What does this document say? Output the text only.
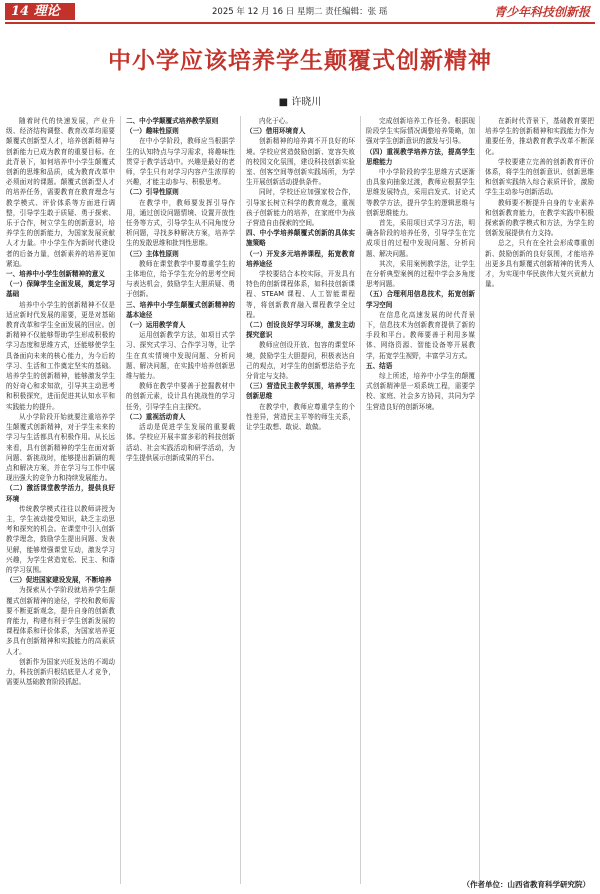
14 理论	2025 年 12 月 16 日 星期二 责任编辑：张 瑶	青少年科技创新报
中小学应该培养学生颠覆式创新精神
■ 许晓川

随着时代的快速发展，产业升级、经济结构调整、教育改革均需要颠覆式创新型人才，培养创新精神与创新能力已成为教育的重要目标。在此背景下，如何培养中小学生颠覆式创新的思维和品质，成为教育改革中必须面对的课题。颠覆式创新型人才的培养任务，需要教育在教育理念与教学模式、评价体系等方面进行调整，引导学生敢于质疑、勇于探索、乐于合作，树立学生的创新意识，培养学生的创新能力，为国家发展贡献人才力量。中小学生作为新时代建设者的后备力量，创新素养的培养更加紧迫。

一、培养中小学生创新精神的意义

（一）保障学生全面发展，奠定学习基础

培养中小学生的创新精神不仅是适应新时代发展的需要，更是对基础教育改革和学生全面发展的回应。创新精神不仅能够帮助学生形成积极的学习态度和思维方式，还能够使学生具备面向未来的核心能力，为今后的学习、生活和工作奠定坚实的基础。培养学生的创新精神，能够激发学生的好奇心和求知欲，引导其主动思考和积极探究，进而促进其认知水平和实践能力的提升。

从小学阶段开始就要注重培养学生颠覆式创新精神，对于学生未来的学习与生活都具有积极作用。从长远来看，具有创新精神的学生在面对新问题、新挑战时，能够提出新颖的观点和解决方案，并在学习与工作中展现出强大的竞争力和持续发展能力。

（二）激活课堂教学活力，提供良好环境

传统教学模式往往以教师讲授为主，学生被动接受知识，缺乏主动思考和探究的机会。在课堂中引入创新教学理念，鼓励学生提出问题、发表见解，能够增强课堂互动，激发学习兴趣，为学生营造宽松、民主、和谐的学习氛围。

（三）促进国家建设发展，不断培养

为探索从小学阶段就培养学生颠覆式创新精神的途径，学校和教师需要不断更新观念，提升自身的创新教育能力，构建有利于学生创新发展的课程体系和评价体系，为国家培养更多具有创新精神和实践能力的高素质人才。

创新作为国家兴旺发达的不竭动力，科技创新归根结底是人才竞争，需要从基础教育阶段抓起。

二、中小学颠覆式培养教学原则

（一）趣味性原则

在中小学阶段，教师应当根据学生的认知特点与学习需求，将趣味性贯穿于教学活动中。兴趣是最好的老师，学生只有对学习内容产生浓厚的兴趣，才能主动参与、积极思考。

（二）引导性原则

在教学中，教师要发挥引导作用，通过创设问题情境、设置开放性任务等方式，引导学生从不同角度分析问题，寻找多种解决方案，培养学生的发散思维和批判性思维。

（三）主体性原则

教师在课堂教学中要尊重学生的主体地位，给予学生充分的思考空间与表达机会，鼓励学生大胆质疑、勇于创新。

三、培养中小学生颠覆式创新精神的基本途径

（一）运用教学育人

运用创新教学方法，如项目式学习、探究式学习、合作学习等，让学生在真实情境中发现问题、分析问题、解决问题，在实践中培养创新思维与能力。

教师在教学中要善于挖掘教材中的创新元素，设计具有挑战性的学习任务，引导学生自主探究。

（二）重视活动育人

活动是促进学生发展的重要载体。学校应开展丰富多彩的科技创新活动、社会实践活动和研学活动，为学生提供展示创新成果的平台。

内化于心。

（三）借用环境育人

创新精神的培养离不开良好的环境。学校应营造鼓励创新、宽容失败的校园文化氛围，建设科技创新实验室、创客空间等创新实践场所，为学生开展创新活动提供条件。

同时，学校还应加强家校合作，引导家长树立科学的教育观念，重视孩子创新能力的培养，在家庭中为孩子营造自由探索的空间。

四、中小学培养颠覆式创新的具体实施策略

（一）开发多元培养课程，拓宽教育培养途径

学校要结合本校实际，开发具有特色的创新课程体系，如科技创新课程、STEAM 课程、人工智能课程等，将创新教育融入课程教学全过程。

（二）创设良好学习环境，激发主动探究意识

教师应创设开放、包容的课堂环境，鼓励学生大胆提问，积极表达自己的观点，对学生的创新想法给予充分肯定与支持。

（三）营造民主教学氛围，培养学生创新思维

在教学中，教师应尊重学生的个性差异，营造民主平等的师生关系，让学生敢想、敢说、敢做。

完成创新培养工作任务。根据现阶段学生实际情况调整培养策略，加强对学生创新意识的激发与引导。

（四）重视教学培养方法，提高学生思维能力

中小学阶段的学生思维方式逐渐由具象向抽象过渡，教师应根据学生思维发展特点，采用启发式、讨论式等教学方法，提升学生的逻辑思维与创新思维能力。

首先，采用项目式学习方法，明确各阶段的培养任务，引导学生在完成项目的过程中发现问题、分析问题、解决问题。

其次，采用案例教学法，让学生在分析典型案例的过程中学会多角度思考问题。

（五）合理利用信息技术，拓宽创新学习空间

在信息化高速发展的时代背景下，信息技术为创新教育提供了新的手段和平台。教师要善于利用多媒体、网络资源、智能设备等开展教学，拓宽学生视野，丰富学习方式。

五、结语

综上所述，培养中小学生的颠覆式创新精神是一项系统工程，需要学校、家庭、社会多方协同，共同为学生营造良好的创新环境。

在新时代背景下，基础教育要把培养学生的创新精神和实践能力作为重要任务，推动教育教学改革不断深化。

学校要建立完善的创新教育评价体系，将学生的创新意识、创新思维和创新实践纳入综合素质评价，激励学生主动参与创新活动。

教师要不断提升自身的专业素养和创新教育能力，在教学实践中积极探索新的教学模式和方法，为学生的创新发展提供有力支持。

总之，只有在全社会形成尊重创新、鼓励创新的良好氛围，才能培养出更多具有颠覆式创新精神的优秀人才，为实现中华民族伟大复兴贡献力量。

（作者单位：山西省教育科学研究院）
